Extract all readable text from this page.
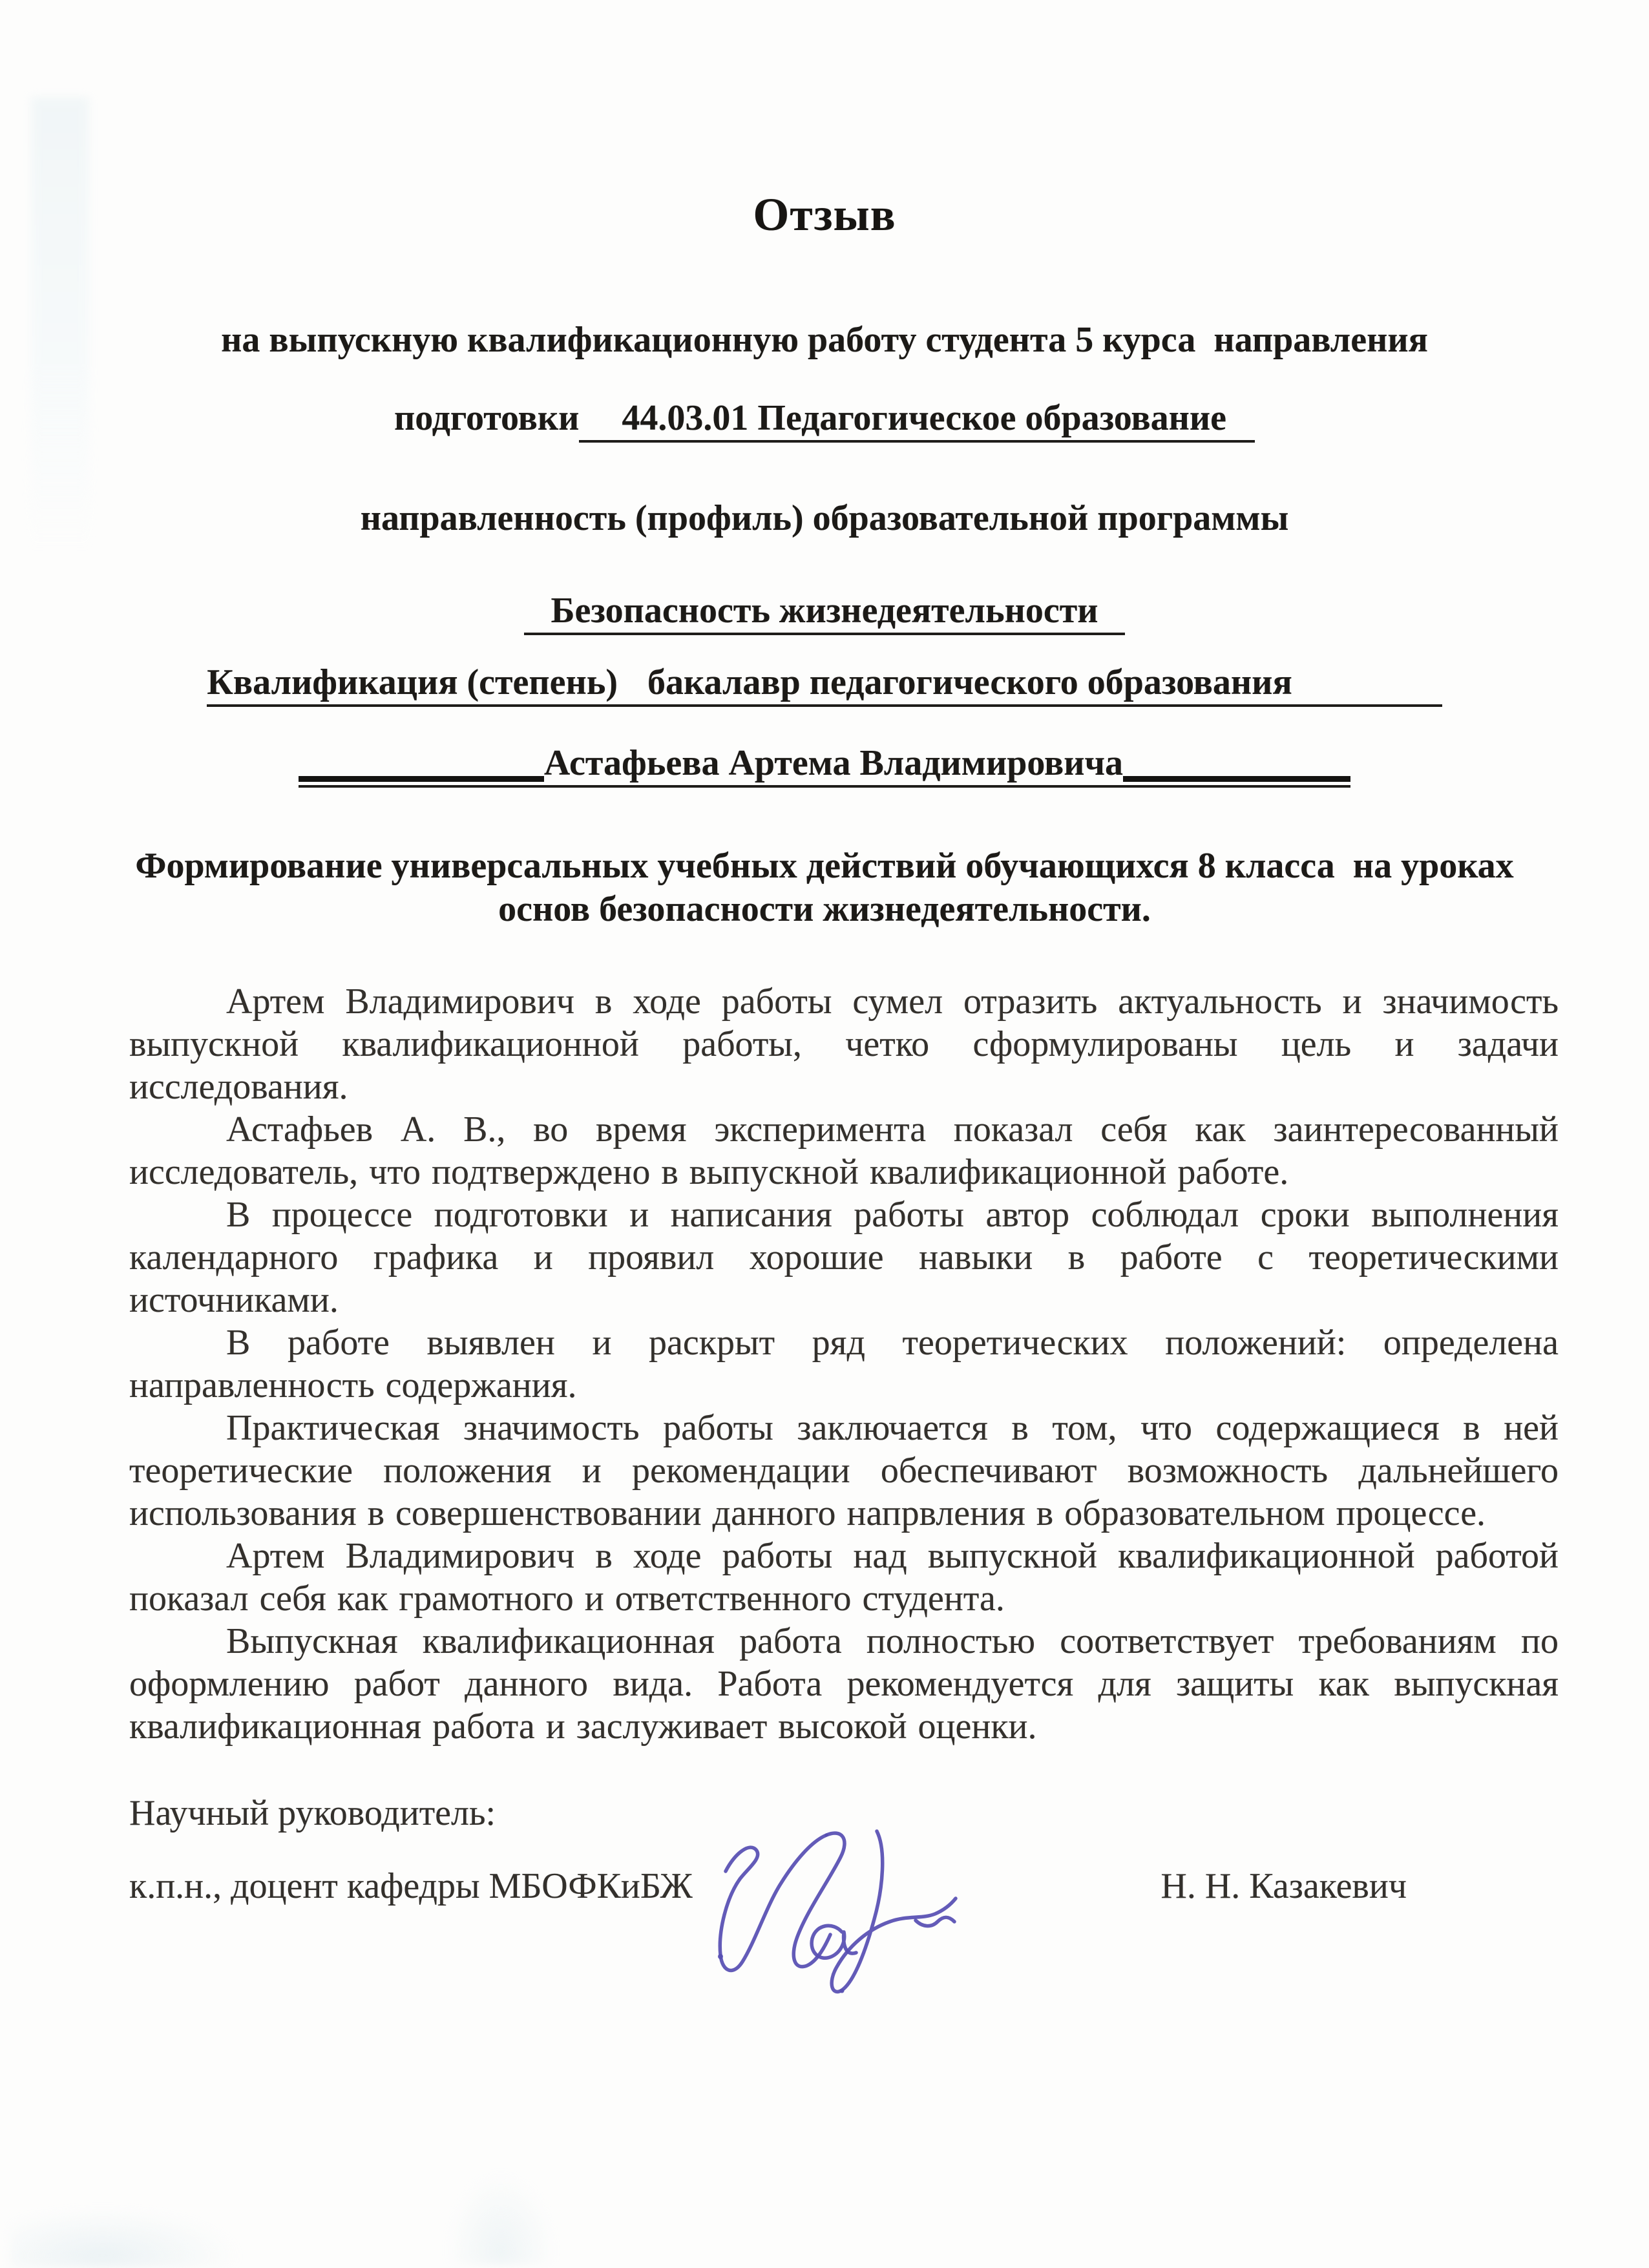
Отзыв

на выпускную квалификационную работу студента 5 курса  направления

подготовки 44.03.01 Педагогическое образование

направленность (профиль) образовательной программы

Безопасность жизнедеятельности

Квалификация (степень) бакалавр педагогического образования

Астафьева Артема Владимировича

Формирование универсальных учебных действий обучающихся 8 класса  на уроках основ безопасности жизнедеятельности.

Артем Владимирович в ходе работы сумел отразить актуальность и значимость выпускной квалификационной работы, четко сформулированы цель и задачи исследования.

Астафьев А. В., во время эксперимента показал себя как заинтересованный исследователь, что подтверждено в выпускной квалификационной работе.

В процессе подготовки и написания работы автор соблюдал сроки выполнения календарного графика и проявил хорошие навыки в работе с теоретическими источниками.

В работе выявлен и раскрыт ряд теоретических положений: определена направленность содержания.

Практическая значимость работы заключается в том, что содержащиеся в ней теоретические положения и рекомендации обеспечивают возможность дальнейшего использования в совершенствовании данного напрвления в образовательном процессе.

Артем Владимирович в ходе работы над выпускной квалификационной работой показал себя как грамотного и ответственного студента.

Выпускная квалификационная работа полностью соответствует требованиям по оформлению работ данного вида. Работа рекомендуется для защиты как выпускная квалификационная работа и заслуживает высокой оценки.

Научный руководитель:
к.п.н., доцент кафедры МБОФКиБЖ	Н. Н. Казакевич
